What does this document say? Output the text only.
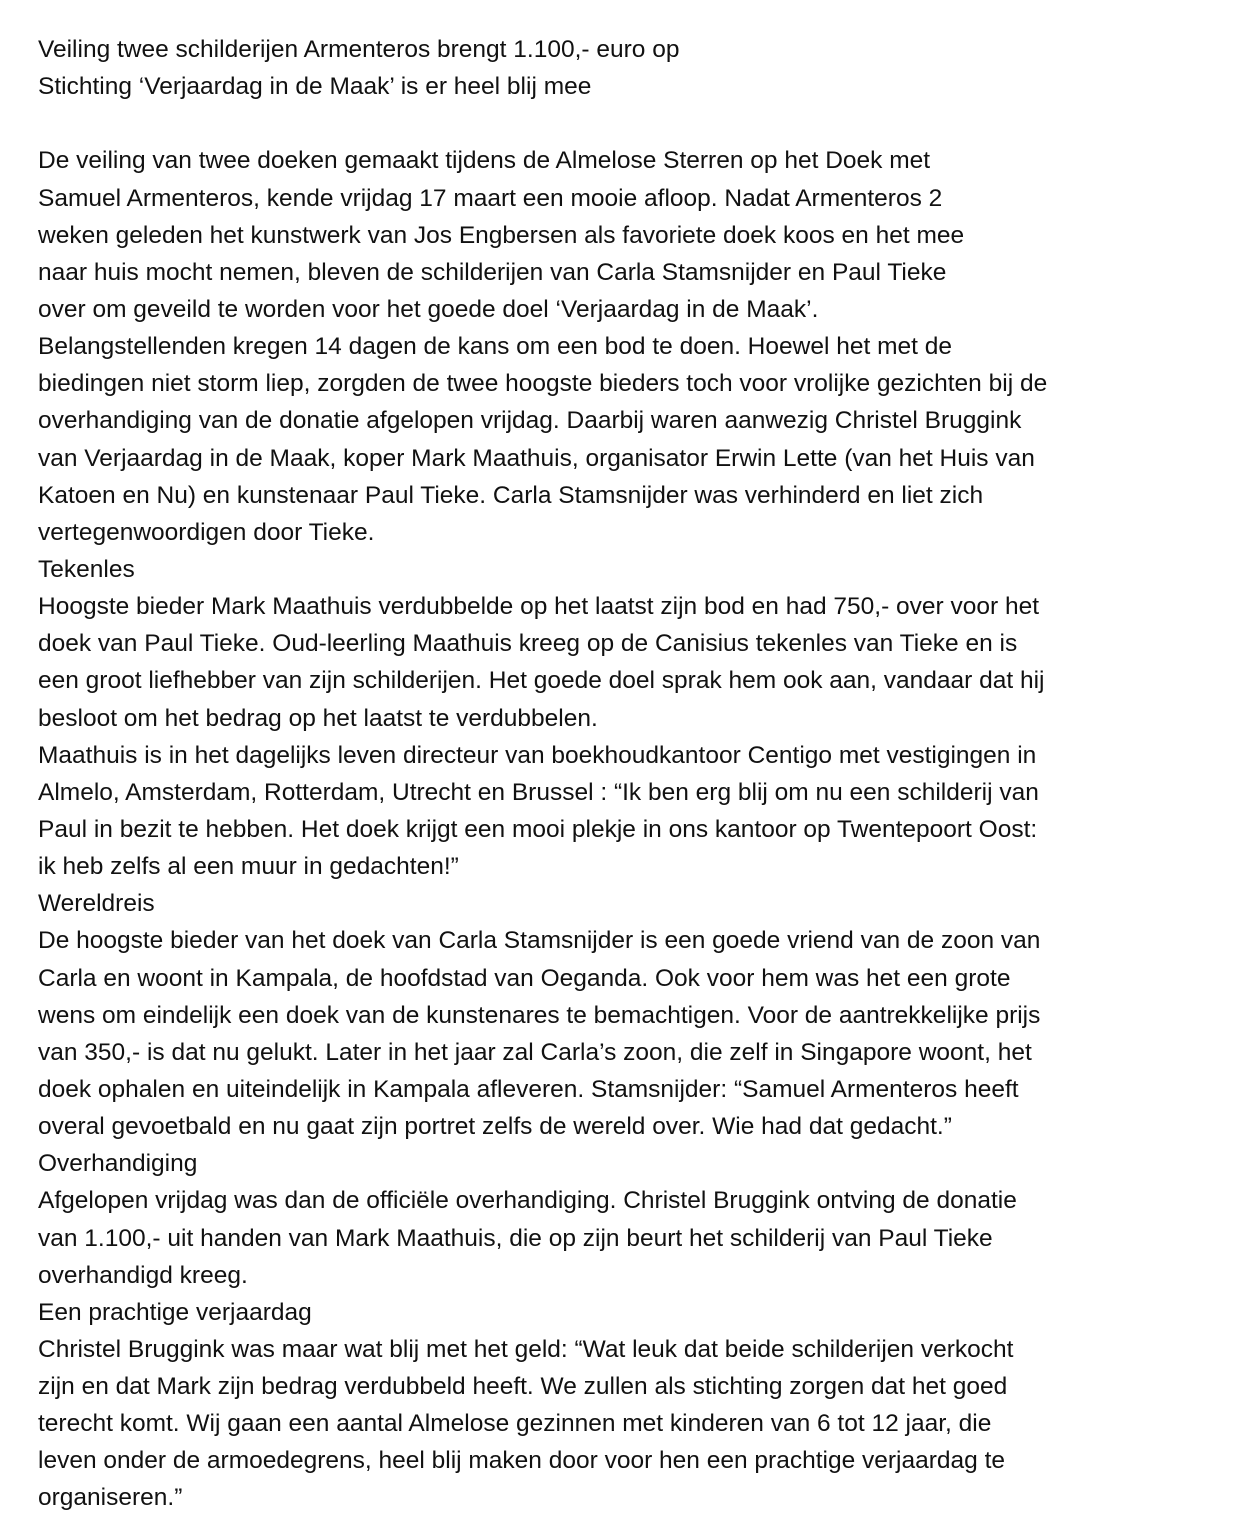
Veiling twee schilderijen Armenteros brengt 1.100,- euro op
Stichting ‘Verjaardag in de Maak’ is er heel blij mee
De veiling van twee doeken gemaakt tijdens de Almelose Sterren op het Doek met
Samuel Armenteros, kende vrijdag 17 maart een mooie afloop. Nadat Armenteros 2
weken geleden het kunstwerk van Jos Engbersen als favoriete doek koos en het mee
naar huis mocht nemen, bleven de schilderijen van Carla Stamsnijder en Paul Tieke
over om geveild te worden voor het goede doel ‘Verjaardag in de Maak’.
Belangstellenden kregen 14 dagen de kans om een bod te doen. Hoewel het met de
biedingen niet storm liep, zorgden de twee hoogste bieders toch voor vrolijke gezichten bij de
overhandiging van de donatie afgelopen vrijdag. Daarbij waren aanwezig Christel Bruggink
van Verjaardag in de Maak, koper Mark Maathuis, organisator Erwin Lette (van het Huis van
Katoen en Nu) en kunstenaar Paul Tieke. Carla Stamsnijder was verhinderd en liet zich
vertegenwoordigen door Tieke.
Tekenles
Hoogste bieder Mark Maathuis verdubbelde op het laatst zijn bod en had 750,- over voor het
doek van Paul Tieke. Oud-leerling Maathuis kreeg op de Canisius tekenles van Tieke en is
een groot liefhebber van zijn schilderijen. Het goede doel sprak hem ook aan, vandaar dat hij
besloot om het bedrag op het laatst te verdubbelen.
Maathuis is in het dagelijks leven directeur van boekhoudkantoor Centigo met vestigingen in
Almelo, Amsterdam, Rotterdam, Utrecht en Brussel : “Ik ben erg blij om nu een schilderij van
Paul in bezit te hebben. Het doek krijgt een mooi plekje in ons kantoor op Twentepoort Oost:
ik heb zelfs al een muur in gedachten!”
Wereldreis
De hoogste bieder van het doek van Carla Stamsnijder is een goede vriend van de zoon van
Carla en woont in Kampala, de hoofdstad van Oeganda. Ook voor hem was het een grote
wens om eindelijk een doek van de kunstenares te bemachtigen. Voor de aantrekkelijke prijs
van 350,- is dat nu gelukt. Later in het jaar zal Carla’s zoon, die zelf in Singapore woont, het
doek ophalen en uiteindelijk in Kampala afleveren. Stamsnijder: “Samuel Armenteros heeft
overal gevoetbald en nu gaat zijn portret zelfs de wereld over. Wie had dat gedacht.”
Overhandiging
Afgelopen vrijdag was dan de officiële overhandiging. Christel Bruggink ontving de donatie
van 1.100,- uit handen van Mark Maathuis, die op zijn beurt het schilderij van Paul Tieke
overhandigd kreeg.
Een prachtige verjaardag
Christel Bruggink was maar wat blij met het geld: “Wat leuk dat beide schilderijen verkocht
zijn en dat Mark zijn bedrag verdubbeld heeft. We zullen als stichting zorgen dat het goed
terecht komt. Wij gaan een aantal Almelose gezinnen met kinderen van 6 tot 12 jaar, die
leven onder de armoedegrens, heel blij maken door voor hen een prachtige verjaardag te
organiseren.”
